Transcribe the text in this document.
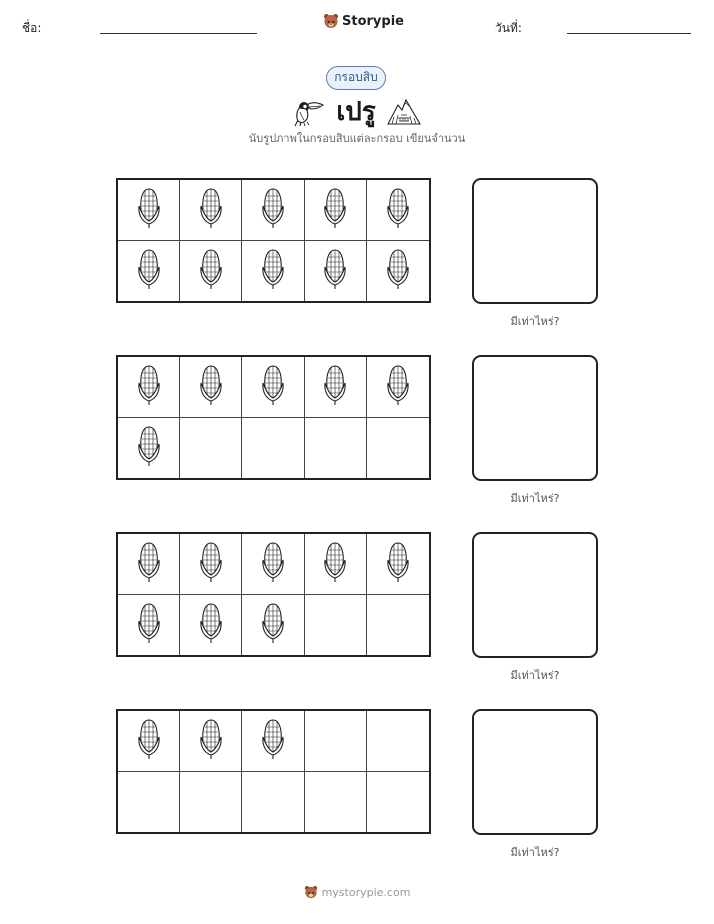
ชื่อ:	Storypie	วันที่:
กรอบสิบ
เปรู
นับรูปภาพในกรอบสิบแต่ละกรอบ เขียนจำนวน
มีเท่าไหร่?
มีเท่าไหร่?
มีเท่าไหร่?
มีเท่าไหร่?
mystorypie.com
